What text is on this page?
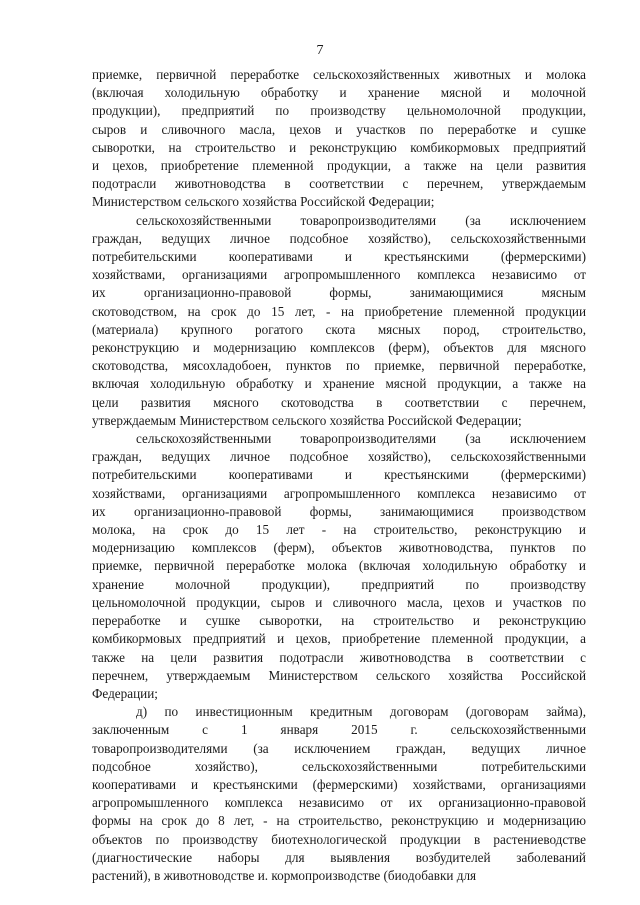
7

приемке, первичной переработке сельскохозяйственных животных и молока
(включая холодильную обработку и хранение мясной и молочной
продукции), предприятий по производству цельномолочной продукции,
сыров и сливочного масла, цехов и участков по переработке и сушке
сыворотки, на строительство и реконструкцию комбикормовых предприятий
и цехов, приобретение племенной продукции, а также на цели развития
подотрасли животноводства в соответствии с перечнем, утверждаемым
Министерством сельского хозяйства Российской Федерации;

сельскохозяйственными товаропроизводителями (за исключением
граждан, ведущих личное подсобное хозяйство), сельскохозяйственными
потребительскими кооперативами и крестьянскими (фермерскими)
хозяйствами, организациями агропромышленного комплекса независимо от
их организационно-правовой формы, занимающимися мясным
скотоводством, на срок до 15 лет, - на приобретение племенной продукции
(материала) крупного рогатого скота мясных пород, строительство,
реконструкцию и модернизацию комплексов (ферм), объектов для мясного
скотоводства, мясохладобоен, пунктов по приемке, первичной переработке,
включая холодильную обработку и хранение мясной продукции, а также на
цели развития мясного скотоводства в соответствии с перечнем,
утверждаемым Министерством сельского хозяйства Российской Федерации;

сельскохозяйственными товаропроизводителями (за исключением
граждан, ведущих личное подсобное хозяйство), сельскохозяйственными
потребительскими кооперативами и крестьянскими (фермерскими)
хозяйствами, организациями агропромышленного комплекса независимо от
их организационно-правовой формы, занимающимися производством
молока, на срок до 15 лет - на строительство, реконструкцию и
модернизацию комплексов (ферм), объектов животноводства, пунктов по
приемке, первичной переработке молока (включая холодильную обработку и
хранение молочной продукции), предприятий по производству
цельномолочной продукции, сыров и сливочного масла, цехов и участков по
переработке и сушке сыворотки, на строительство и реконструкцию
комбикормовых предприятий и цехов, приобретение племенной продукции, а
также на цели развития подотрасли животноводства в соответствии с
перечнем, утверждаемым Министерством сельского хозяйства Российской
Федерации;

д) по инвестиционным кредитным договорам (договорам займа),
заключенным с 1 января 2015 г. сельскохозяйственными
товаропроизводителями (за исключением граждан, ведущих личное
подсобное хозяйство), сельскохозяйственными потребительскими
кооперативами и крестьянскими (фермерскими) хозяйствами, организациями
агропромышленного комплекса независимо от их организационно-правовой
формы на срок до 8 лет, - на строительство, реконструкцию и модернизацию
объектов по производству биотехнологической продукции в растениеводстве
(диагностические наборы для выявления возбудителей заболеваний
растений), в животноводстве и. кормопроизводстве (биодобавки для
